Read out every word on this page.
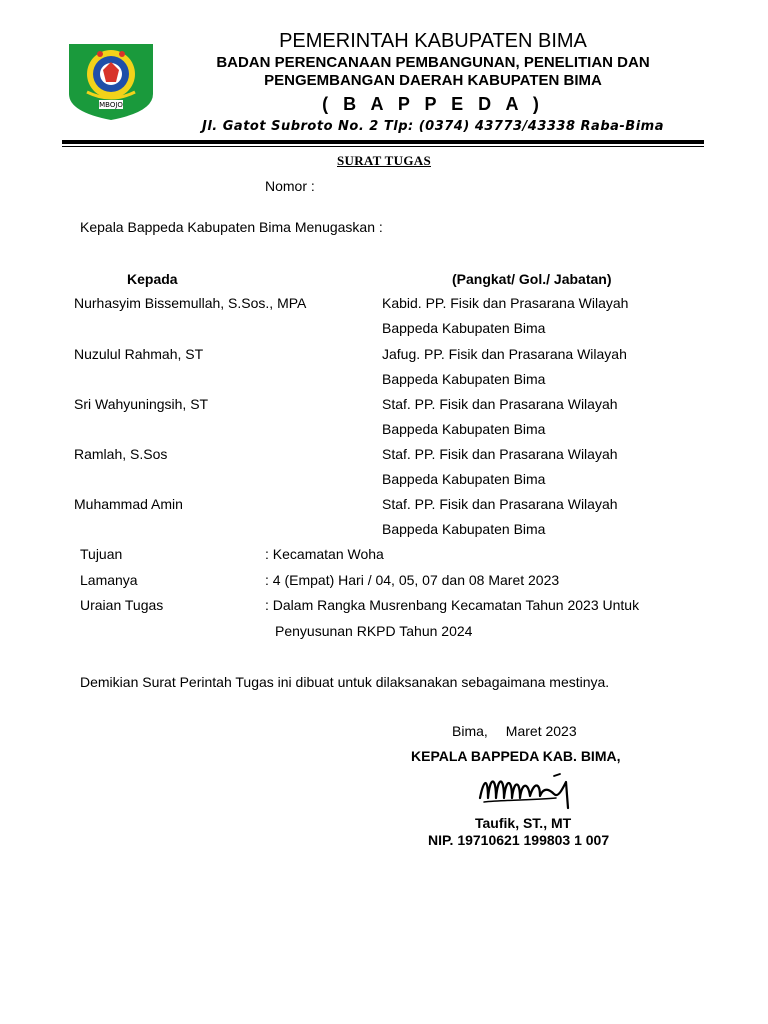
MBOJO
PEMERINTAH KABUPATEN BIMA
BADAN PERENCANAAN PEMBANGUNAN, PENELITIAN DAN
PENGEMBANGAN DAERAH KABUPATEN BIMA
( B A P P E D A )
Jl. Gatot Subroto No. 2 Tlp: (0374) 43773/43338 Raba-Bima
SURAT TUGAS
Nomor :
Kepala Bappeda Kabupaten Bima Menugaskan :
Kepada	(Pangkat/ Gol./ Jabatan)
Nurhasyim Bissemullah, S.Sos., MPA	Kabid. PP. Fisik dan Prasarana Wilayah
Bappeda Kabupaten Bima
Nuzulul Rahmah, ST	Jafug. PP. Fisik dan Prasarana Wilayah
Bappeda Kabupaten Bima
Sri Wahyuningsih, ST	Staf. PP. Fisik dan Prasarana Wilayah
Bappeda Kabupaten Bima
Ramlah, S.Sos	Staf. PP. Fisik dan Prasarana Wilayah
Bappeda Kabupaten Bima
Muhammad Amin	Staf. PP. Fisik dan Prasarana Wilayah
Bappeda Kabupaten Bima
Tujuan	: Kecamatan Woha
Lamanya	: 4 (Empat) Hari / 04, 05, 07 dan 08 Maret 2023
Uraian Tugas	: Dalam Rangka Musrenbang Kecamatan Tahun 2023 Untuk
Penyusunan RKPD Tahun 2024
Demikian Surat Perintah Tugas ini dibuat untuk dilaksanakan sebagaimana mestinya.
Bima, Maret 2023
KEPALA BAPPEDA KAB. BIMA,
Taufik, ST., MT
NIP. 19710621 199803 1 007
